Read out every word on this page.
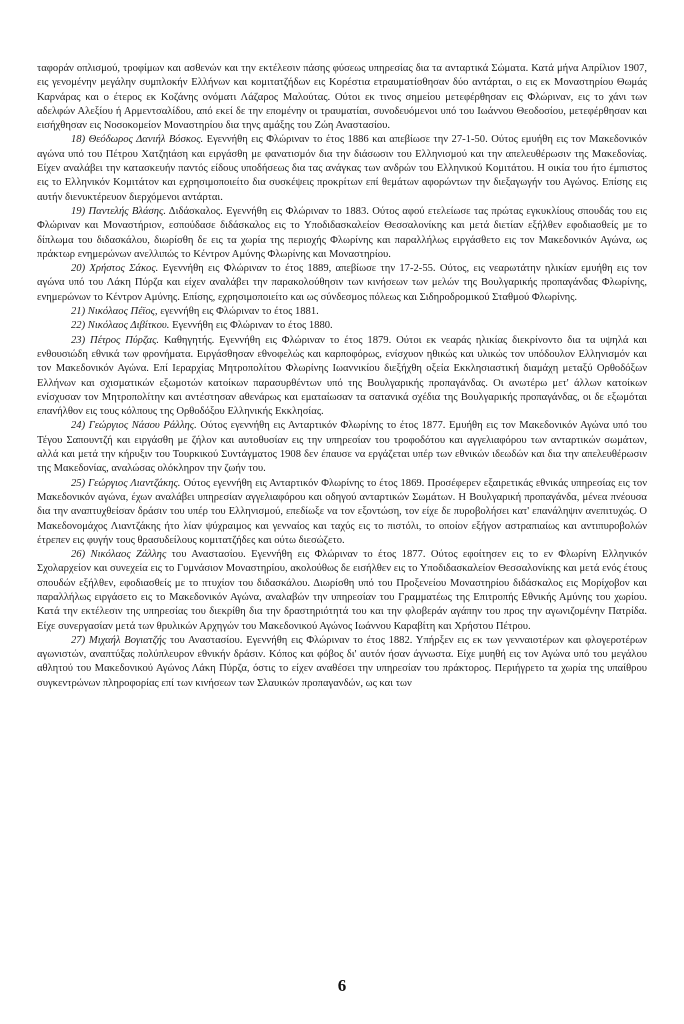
ταφοράν οπλισμού, τροφίμων και ασθενών και την εκτέλεσιν πάσης φύσεως υπηρεσίας δια τα ανταρτικά Σώματα. Κατά μήνα Απρίλιον 1907, εις γενομένην μεγάλην συμπλοκήν Ελλήνων και κομιτατζήδων εις Κορέστια ετραυματίσθησαν δύο αντάρται, ο εις εκ Μοναστηρίου Θωμάς Καρνάρας και ο έτερος εκ Κοζάνης ονόματι Λάζαρος Μαλούτας. Ούτοι εκ τινος σημείου μετεφέρθησαν εις Φλώριναν, εις το χάνι των αδελφών Αλεξίου ή Αρμεντσαλίδου, από εκεί δε την επομένην οι τραυματίαι, συνοδευόμενοι υπό του Ιωάννου Θεοδοσίου, μετεφέρθησαν και εισήχθησαν εις Νοσοκομείον Μοναστηρίου δια τηνς αμάξης του Ζώη Αναστασίου.

18) Θεόδωρος Δανιήλ Βόσκος. Εγεννήθη εις Φλώριναν το έτος 1886 και απεβίωσε την 27-1-50. Ούτος εμυήθη εις τον Μακεδονικόν αγώνα υπό του Πέτρου Χατζηtάση και ειργάσθη με φανατισμόν δια την διάσωσιν του Ελληνισμού και την απελευθέρωσιν της Μακεδονίας. Είχεν αναλάβει την κατασκευήν παντός είδους υποδήσεως δια τας ανάγκας των ανδρών του Ελληνικού Κομιτάτου. Η οικία του ήτο έμπιστος εις το Ελληνικόν Κομιτάτον και εχρησιμοποιείτο δια συσκέψεις προκρίτων επί θεμάτων αφορώντων την διεξαγωγήν του Αγώνος. Επίσης εις αυτήν διενυκτέρευον διερχόμενοι αντάρται.

19) Παντελής Βλάσης. Διδάσκαλος. Εγεννήθη εις Φλώριναν το 1883. Ούτος αφού ετελείωσε τας πρώτας εγκυκλίους σπουδάς του εις Φλώριναν και Μοναστήριον, εσπούδασε διδάσκαλος εις το Υποδιδασκαλείον Θεσσαλονίκης και μετά διετίαν εξήλθεν εφοδιασθείς με το δίπλωμα του διδασκάλου, διωρίσθη δε εις τα χωρία της περιοχής Φλωρίνης και παραλλήλως ειργάσθετο εις τον Μακεδονικόν Αγώνα, ως πράκτωρ ενημερώνων ανελλιπώς το Κέντρον Αμύνης Φλωρίνης και Μοναστηρίου.

20) Χρήστος Σάκος. Εγεννήθη εις Φλώριναν το έτος 1889, απεβίωσε την 17-2-55. Ούτος, εις νεαρωτάτην ηλικίαν εμυήθη εις τον αγώνα υπό του Λάκη Πύρζα και είχεν αναλάβει την παρακολούθησιν των κινήσεων των μελών της Βουλγαρικής προπαγάνδας Φλωρίνης, ενημερώνων το Κέντρον Αμύνης. Επίσης, εχρησιμοποιείτο και ως σύνδεσμος πόλεως και Σιδηροδρομικού Σταθμού Φλωρίνης.

21) Νικόλαος Πέϊος, εγεννήθη εις Φλώριναν το έτος 1881.

22) Νικόλαος Διβίτκου. Εγεννήθη εις Φλώριναν το έτος 1880.

23) Πέτρος Πύρζας. Καθηγητής. Εγεννήθη εις Φλώριναν το έτος 1879. Ούτοι εκ νεαράς ηλικίας διεκρίνοντο δια τα υψηλά και ενθουσιώδη εθνικά των φρονήματα. Ειργάσθησαν εθνοφελώς και καρποφόρως, ενίσχυον ηθικώς και υλικώς τον υπόδουλον Ελληνισμόν και τον Μακεδονικόν Αγώνα. Επί Ιεραρχίας Μητροπολίτου Φλωρίνης Ιωαννικίου διεξήχθη οξεία Εκκλησιαστική διαμάχη μεταξύ Ορθοδόξων Ελλήνων και σχισματικών εξωμοτών κατοίκων παρασυρθέντων υπό της Βουλγαρικής προπαγάνδας. Οι ανωτέρω μετ' άλλων κατοίκων ενίσχυσαν τον Μητροπολίτην και αντέστησαν αθενάρως και εματαίωσαν τα σατανικά σχέδια της Βουλγαρικής προπαγάνδας, οι δε εξωμόται επανήλθον εις τους κόλπους της Ορθοδόξου Ελληνικής Εκκλησίας.

24) Γεώργιος Νάσου Ράλλης. Ούτος εγεννήθη εις Ανταρτικόν Φλωρίνης το έτος 1877. Εμυήθη εις τον Μακεδονικόν Αγώνα υπό του Τέγου Σαπουντζή και ειργάσθη με ζήλον και αυτοθυσίαν εις την υπηρεσίαν του τροφοδότου και αγγελιαφόρου των ανταρτικών σωμάτων, αλλά και μετά την κήρυξιν του Τουρκικού Συντάγματος 1908 δεν έπαυσε να εργάζεται υπέρ των εθνικών ιδεωδών και δια την απελευθέρωσιν της Μακεδονίας, αναλώσας ολόκληρον την ζωήν του.

25) Γεώργιος Λιαντζάκης. Ούτος εγεννήθη εις Ανταρτικόν Φλωρίνης το έτος 1869. Προσέφερεν εξαιρετικάς εθνικάς υπηρεσίας εις τον Μακεδονικόν αγώνα, έχων αναλάβει υπηρεσίαν αγγελιαφόρου και οδηγού ανταρτικών Σωμάτων. Η Βουλγαρική προπαγάνδα, μένεα πνέουσα δια την αναπτυχθείσαν δράσιν του υπέρ του Ελληνισμού, επεδίωξε να τον εξοντώση, τον είχε δε πυροβολήσει κατ' επανάληψιν ανεπιτυχώς. Ο Μακεδονομάχος Λιαντζάκης ήτο λίαν ψύχραιμος και γενναίος και ταχύς εις το πιστόλι, το οποίον εξήγον αστραπιαίως και αντιπυροβολών έτρεπεν εις φυγήν τους θρασυδείλους κομιτατζήδες και ούτω διεσώζετο.

26) Νικόλαος Ζάλλης του Αναστασίου. Εγεννήθη εις Φλώριναν το έτος 1877. Ούτος εφοίτησεν εις το εν Φλωρίνη Ελληνικόν Σχολαρχείον και συνεχεία εις το Γυμνάσιον Μοναστηρίου, ακολούθως δε εισήλθεν εις το Υποδιδασκαλείον Θεσσαλονίκης και μετά ενός έτους σπουδών εξήλθεν, εφοδιασθείς με το πτυχίον του διδασκάλου. Διωρίσθη υπό του Προξενείου Μοναστηρίου διδάσκαλος εις Μορίχοβον και παραλλήλως ειργάσετο εις το Μακεδονικόν Αγώνα, αναλαβών την υπηρεσίαν του Γραμματέως της Επιτροπής Εθνικής Αμύνης του χωρίου. Κατά την εκτέλεσιν της υπηρεσίας του διεκρίθη δια την δραστηριότητά του και την φλοβεράν αγάπην του προς την αγωνιζομένην Πατρίδα. Είχε συνεργασίαν μετά των θρυλικών Αρχηγών του Μακεδονικού Αγώνος Ιωάννου Καραβίτη και Χρήστου Πέτρου.

27) Μιχαήλ Βογιατζής του Αναστασίου. Εγεννήθη εις Φλώριναν το έτος 1882. Υπήρξεν εις εκ των γενναιοτέρων και φλογεροτέρων αγωνιστών, αναπτύξας πολύπλευρον εθνικήν δράσιν. Κόπος και φόβος δι' αυτόν ήσαν άγνωστα. Είχε μυηθή εις τον Αγώνα υπό του μεγάλου αθλητού του Μακεδονικού Αγώνος Λάκη Πύρζα, όστις το είχεν αναθέσει την υπηρεσίαν του πράκτορος. Περιήγρετο τα χωρία της υπαίθρου συγκεντρώνων πληροφορίας επί των κινήσεων των Σλαυικών προπαγανδών, ως και των

6
